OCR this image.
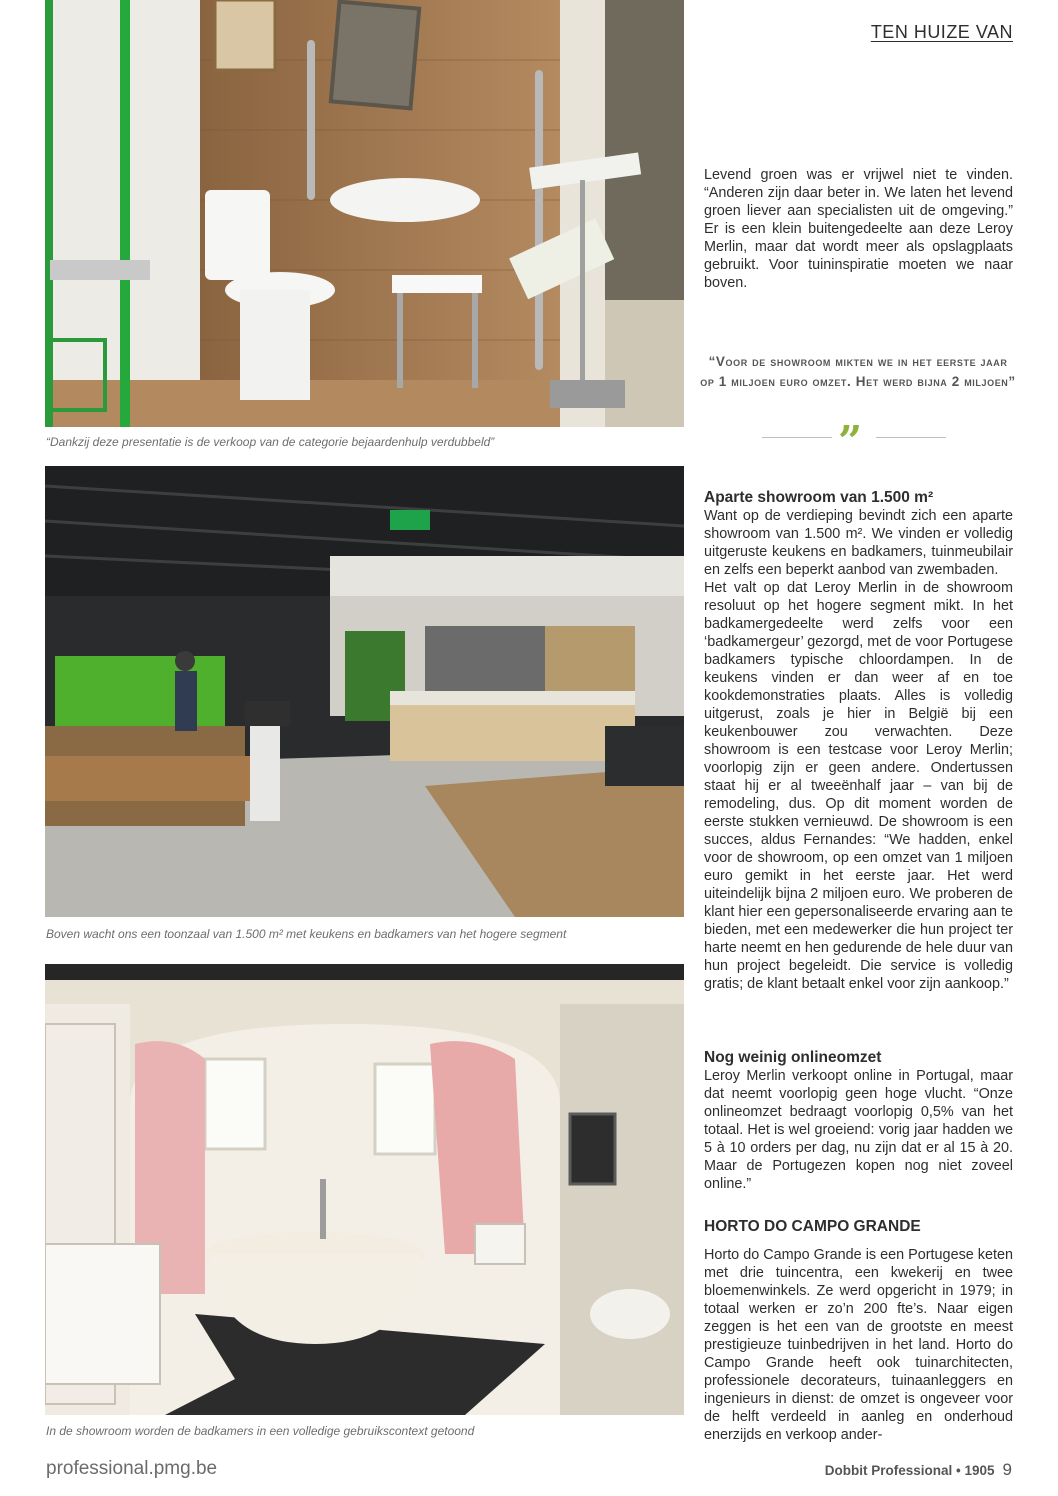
TEN HUIZE VAN
“Dankzij deze presentatie is de verkoop van de categorie bejaardenhulp verdubbeld”
Boven wacht ons een toonzaal van 1.500 m² met keukens en badkamers van het hogere segment
In de showroom worden de badkamers in een volledige gebruikscontext getoond

Levend groen was er vrijwel niet te vinden. “Anderen zijn daar beter in. We laten het levend groen liever aan specialisten uit de omgeving.” Er is een klein buitengedeelte aan deze Leroy Merlin, maar dat wordt meer als opslagplaats gebruikt. Voor tuininspiratie moeten we naar boven.

“Voor de showroom mikten we in het eerste jaar op 1 miljoen euro omzet. Het werd bijna 2 miljoen”
”
Aparte showroom van 1.500 m²

Want op de verdieping bevindt zich een aparte showroom van 1.500 m². We vinden er volledig uitgeruste keukens en badkamers, tuinmeubilair en zelfs een beperkt aanbod van zwembaden.

Het valt op dat Leroy Merlin in de showroom resoluut op het hogere segment mikt. In het badkamergedeelte werd zelfs voor een ‘badkamergeur’ gezorgd, met de voor Portugese badkamers typische chloordampen. In de keukens vinden er dan weer af en toe kookdemonstraties plaats. Alles is volledig uitgerust, zoals je hier in België bij een keukenbouwer zou verwachten. Deze showroom is een testcase voor Leroy Merlin; voorlopig zijn er geen andere. Ondertussen staat hij er al tweeënhalf jaar – van bij de remodeling, dus. Op dit moment worden de eerste stukken vernieuwd. De showroom is een succes, aldus Fernandes: “We hadden, enkel voor de showroom, op een omzet van 1 miljoen euro gemikt in het eerste jaar. Het werd uiteindelijk bijna 2 miljoen euro. We proberen de klant hier een gepersonaliseerde ervaring aan te bieden, met een medewerker die hun project ter harte neemt en hen gedurende de hele duur van hun project begeleidt. Die service is volledig gratis; de klant betaalt enkel voor zijn aankoop.”

Nog weinig onlineomzet

Leroy Merlin verkoopt online in Portugal, maar dat neemt voorlopig geen hoge vlucht. “Onze onlineomzet bedraagt voorlopig 0,5% van het totaal. Het is wel groeiend: vorig jaar hadden we 5 à 10 orders per dag, nu zijn dat er al 15 à 20. Maar de Portugezen kopen nog niet zoveel online.”

HORTO DO CAMPO GRANDE

Horto do Campo Grande is een Portugese keten met drie tuincentra, een kwekerij en twee bloemenwinkels. Ze werd opgericht in 1979; in totaal werken er zo’n 200 fte’s. Naar eigen zeggen is het een van de grootste en meest prestigieuze tuinbedrijven in het land. Horto do Campo Grande heeft ook tuinarchitecten, professionele decorateurs, tuinaanleggers en ingenieurs in dienst: de omzet is ongeveer voor de helft verdeeld in aanleg en onderhoud enerzijds en verkoop ander-

professional.pmg.be	Dobbit Professional • 1905 9
